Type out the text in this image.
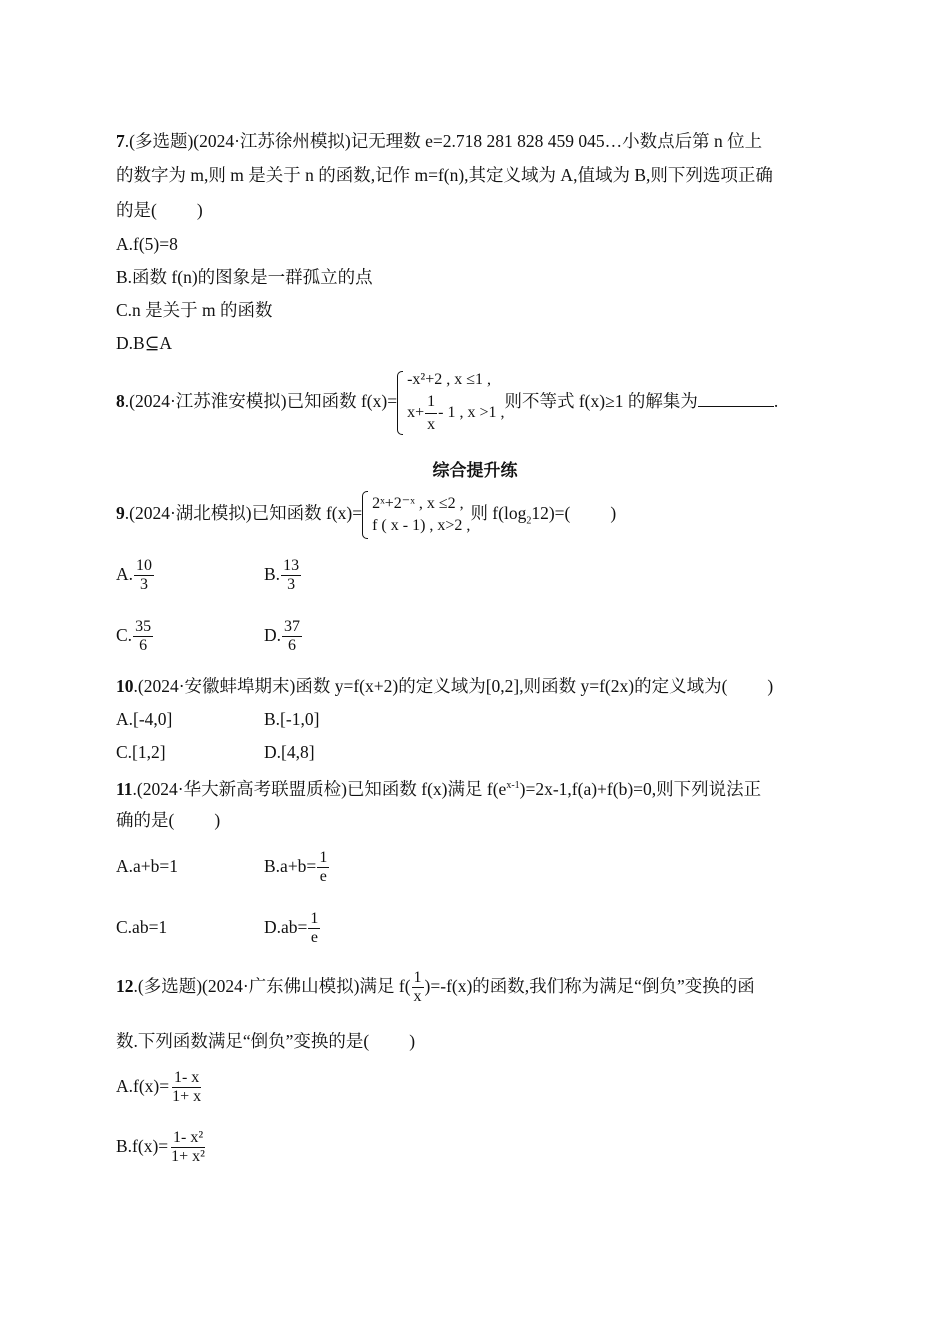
7.(多选题)(2024·江苏徐州模拟)记无理数 e=2.718 281 828 459 045…小数点后第 n 位上
的数字为 m,则 m 是关于 n 的函数,记作 m=f(n),其定义域为 A,值域为 B,则下列选项正确
的是( )
A.f(5)=8
B.函数 f(n)的图象是一群孤立的点
C.n 是关于 m 的函数
D.B⊆A
8.(2024·江苏淮安模拟)已知函数 f(x)=
-x²+2 , x ≤1 ,
$x+ \frac{1}{x} - 1$ , x >1 ,
则不等式 f(x)≥1 的解集为	.
综合提升练
9.(2024·湖北模拟)已知函数 f(x)= 2ˣ+2⁻ˣ , x ≤2 ,
f ( x - 1) , x>2 ,
则 $f(\log_212)=$( )
A. $\frac{10}{3}$	B. $\frac{13}{3}$
C. $\frac{35}{6}$	D. $\frac{37}{6}$
10.(2024·安徽蚌埠期末)函数 y=f(x+2)的定义域为[0,2],则函数 y=f(2x)的定义域为( )
A.[-4,0]	B.[-1,0]
C.[1,2]	D.[4,8]
11.(2024·华大新高考联盟质检)已知函数 f(x)满足 $f(e^{x-1})=2x-1,f(a)+f(b)=0$,则下列说法正
确的是( )
A.a+b=1	$B.a+b= \frac{1}{e}$
C.ab=1	$D.ab= \frac{1}{e}$
12.(多选题)(2024·广东佛山模拟)满足 $f( \frac{1}{x} )=-f(x)$的函数,我们称为满足“倒负”变换的函
数.下列函数满足“倒负”变换的是( )
$A.f(x)= \frac{1- x}{1+ x}$
$B.f(x)= \frac{\text{1- x²}}{\text{1+ x²}}$
